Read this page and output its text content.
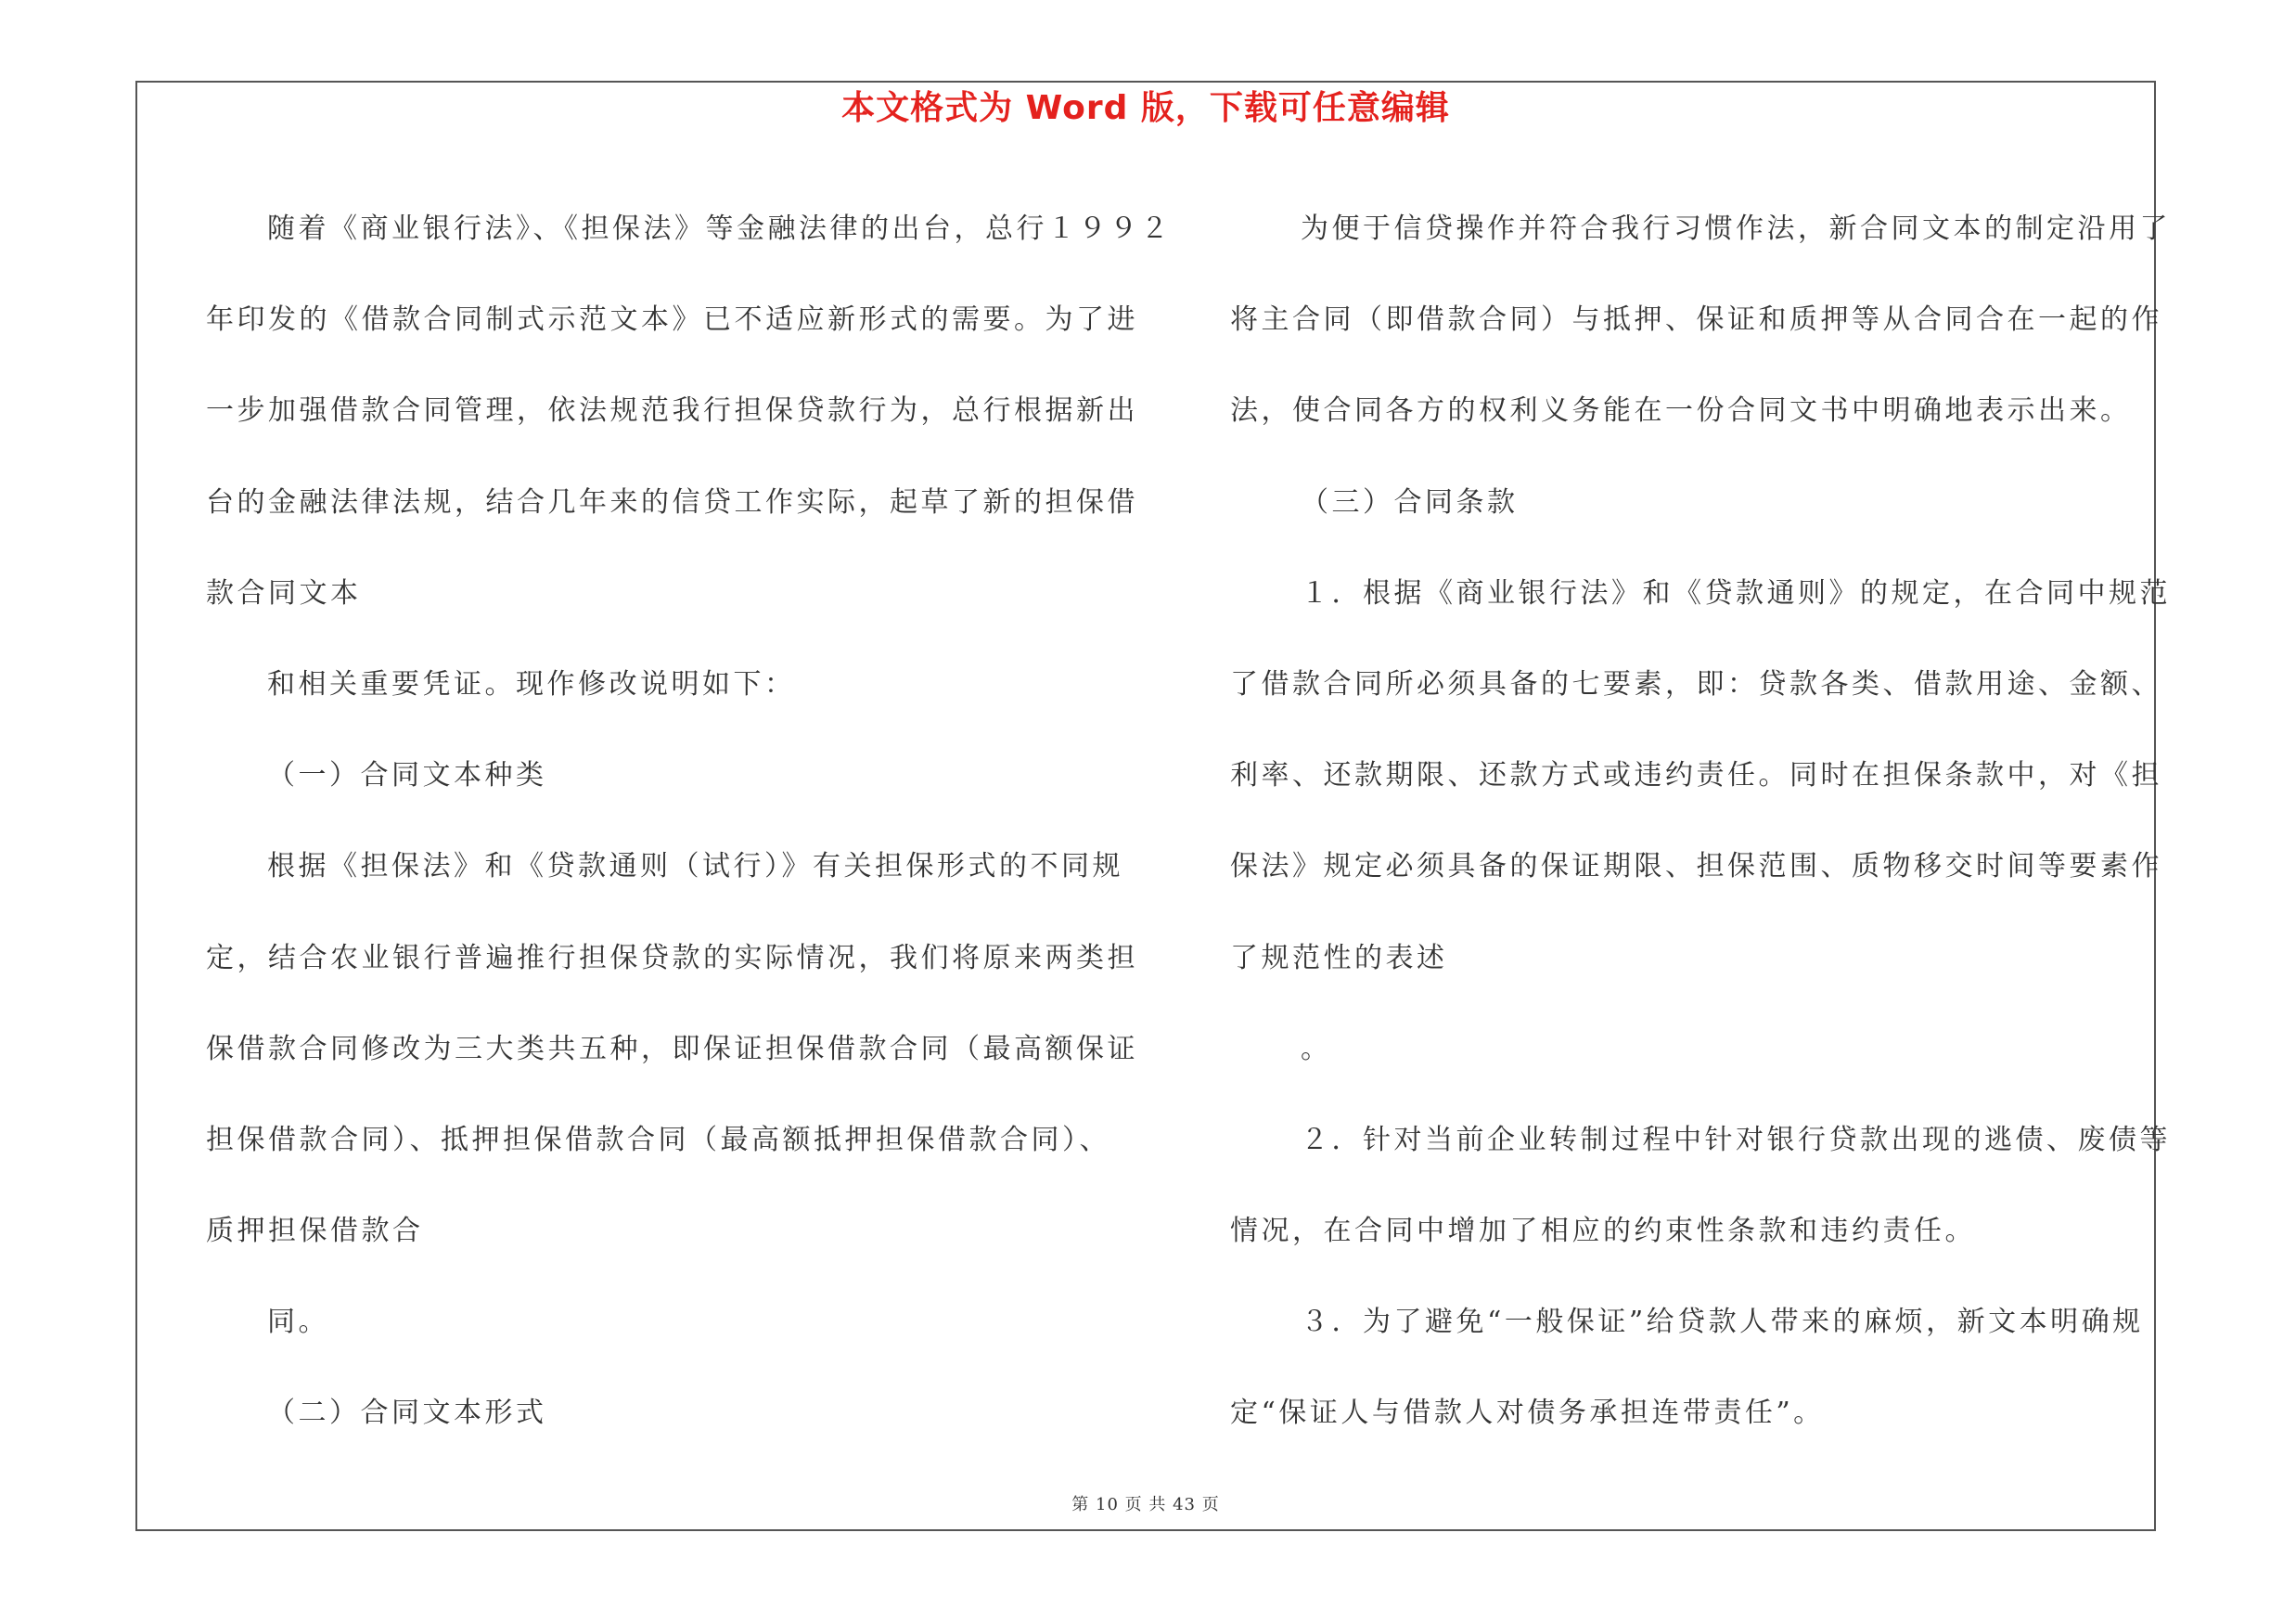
本文格式为 Word 版，下载可任意编辑
随着《商业银行法》、《担保法》等金融法律的出台，总行１９９２
年印发的《借款合同制式示范文本》已不适应新形式的需要。为了进
一步加强借款合同管理，依法规范我行担保贷款行为，总行根据新出
台的金融法律法规，结合几年来的信贷工作实际，起草了新的担保借
款合同文本
和相关重要凭证。现作修改说明如下：
（一）合同文本种类
根据《担保法》和《贷款通则（试行）》有关担保形式的不同规
定，结合农业银行普遍推行担保贷款的实际情况，我们将原来两类担
保借款合同修改为三大类共五种，即保证担保借款合同（最高额保证
担保借款合同）、抵押担保借款合同（最高额抵押担保借款合同）、
质押担保借款合
同。
（二）合同文本形式
为便于信贷操作并符合我行习惯作法，新合同文本的制定沿用了
将主合同（即借款合同）与抵押、保证和质押等从合同合在一起的作
法，使合同各方的权利义务能在一份合同文书中明确地表示出来。
（三）合同条款
１．根据《商业银行法》和《贷款通则》的规定，在合同中规范
了借款合同所必须具备的七要素，即：贷款各类、借款用途、金额、
利率、还款期限、还款方式或违约责任。同时在担保条款中，对《担
保法》规定必须具备的保证期限、担保范围、质物移交时间等要素作
了规范性的表述
。
２．针对当前企业转制过程中针对银行贷款出现的逃债、废债等
情况，在合同中增加了相应的约束性条款和违约责任。
３．为了避免“一般保证”给贷款人带来的麻烦，新文本明确规
定“保证人与借款人对债务承担连带责任”。
第 10 页 共 43 页
